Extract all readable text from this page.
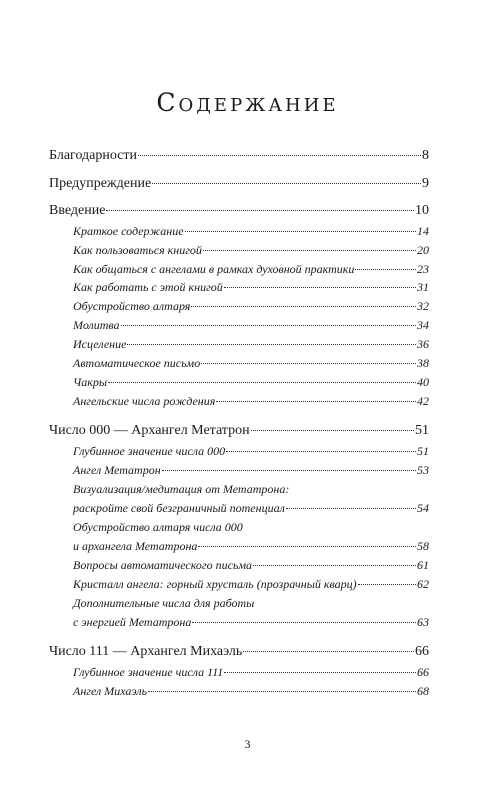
Содержание
Благодарности	8
Предупреждение	9
Введение	10
Краткое содержание	14
Как пользоваться книгой	20
Как общаться с ангелами в рамках духовной практики	23
Как работать с этой книгой	31
Обустройство алтаря	32
Молитва	34
Исцеление	36
Автоматическое письмо	38
Чакры	40
Ангельские числа рождения	42
Число 000 — Архангел Метатрон	51
Глубинное значение числа 000	51
Ангел Метатрон	53
Визуализация/медитация от Метатрона:
раскройте свой безграничный потенциал	54
Обустройство алтаря числа 000
и архангела Метатрона	58
Вопросы автоматического письма	61
Кристалл ангела: горный хрусталь (прозрачный кварц)	62
Дополнительные числа для работы
с энергией Метатрона	63
Число 111 — Архангел Михаэль	66
Глубинное значение числа 111	66
Ангел Михаэль	68
3
